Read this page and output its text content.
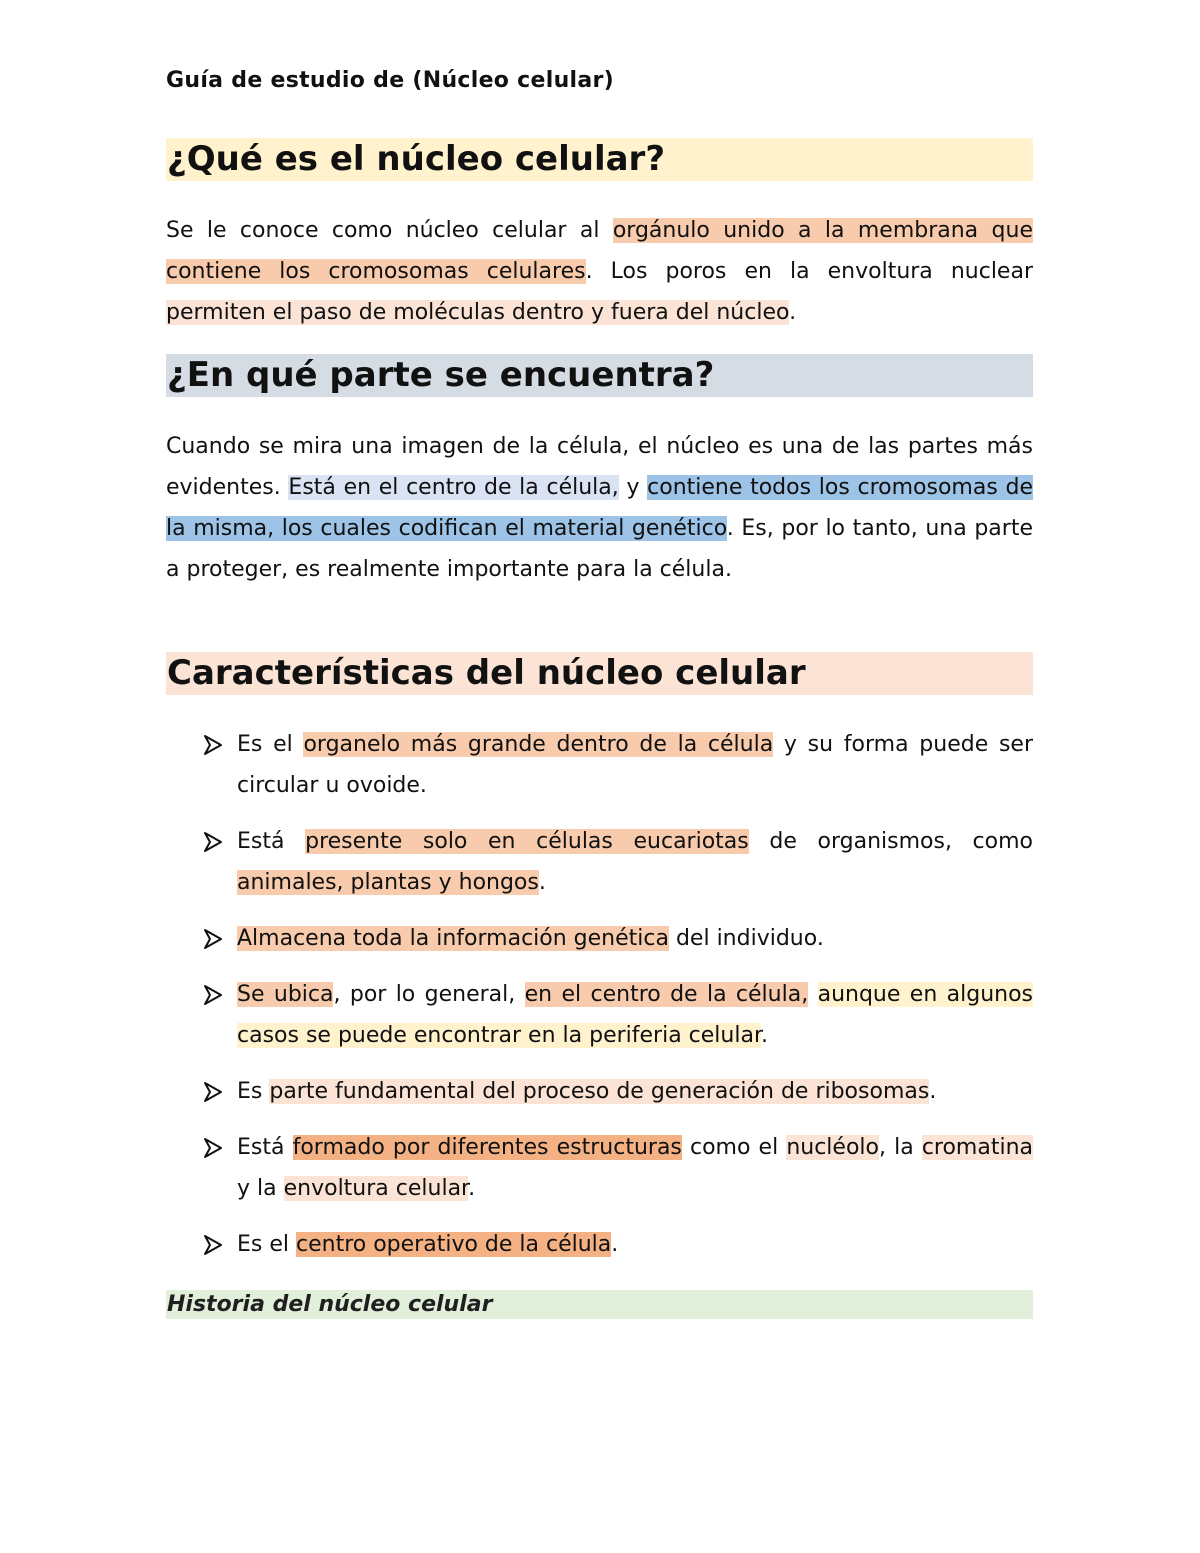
Guía de estudio de (Núcleo celular)
¿Qué es el núcleo celular?
Se le conoce como núcleo celular al orgánulo unido a la membrana que contiene los cromosomas celulares. Los poros en la envoltura nuclear permiten el paso de moléculas dentro y fuera del núcleo.
¿En qué parte se encuentra?
Cuando se mira una imagen de la célula, el núcleo es una de las partes más evidentes. Está en el centro de la célula, y contiene todos los cromosomas de la misma, los cuales codifican el material genético. Es, por lo tanto, una parte a proteger, es realmente importante para la célula.
Características del núcleo celular
Es el organelo más grande dentro de la célula y su forma puede ser circular u ovoide.
Está presente solo en células eucariotas de organismos, como animales, plantas y hongos.
Almacena toda la información genética del individuo.
Se ubica, por lo general, en el centro de la célula, aunque en algunos casos se puede encontrar en la periferia celular.
Es parte fundamental del proceso de generación de ribosomas.
Está formado por diferentes estructuras como el nucléolo, la cromatina y la envoltura celular.
Es el centro operativo de la célula.
Historia del núcleo celular
